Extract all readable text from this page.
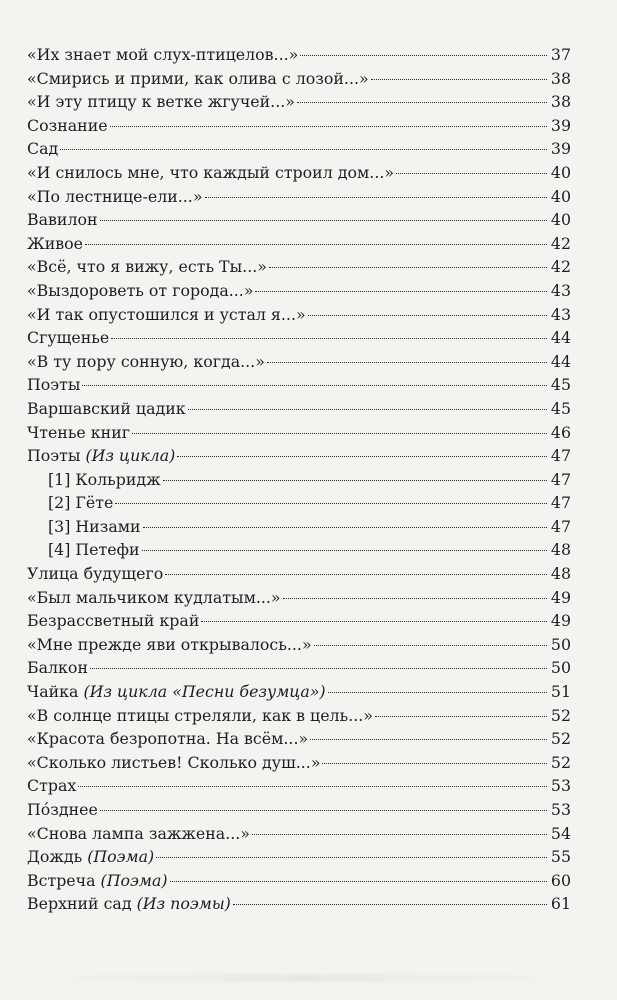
«Их знает мой слух-птицелов...»	37
«Смирись и прими, как олива с лозой...»	38
«И эту птицу к ветке жгучей...»	38
Сознание	39
Сад	39
«И снилось мне, что каждый строил дом...»	40
«По лестнице-ели...»	40
Вавилон	40
Живое	42
«Всё, что я вижу, есть Ты...»	42
«Выздороветь от города...»	43
«И так опустошился и устал я...»	43
Сгущенье	44
«В ту пору сонную, когда...»	44
Поэты	45
Варшавский цадик	45
Чтенье книг	46
Поэты (Из цикла)	47
[1] Кольридж	47
[2] Гёте	47
[3] Низами	47
[4] Петефи	48
Улица будущего	48
«Был мальчиком кудлатым...»	49
Безрассветный край	49
«Мне прежде яви открывалось...»	50
Балкон	50
Чайка (Из цикла «Песни безумца»)	51
«В солнце птицы стреляли, как в цель...»	52
«Красота безропотна. На всём...»	52
«Сколько листьев! Сколько душ...»	52
Страх	53
По́зднее	53
«Снова лампа зажжена...»	54
Дождь (Поэма)	55
Встреча (Поэма)	60
Верхний сад (Из поэмы)	61
